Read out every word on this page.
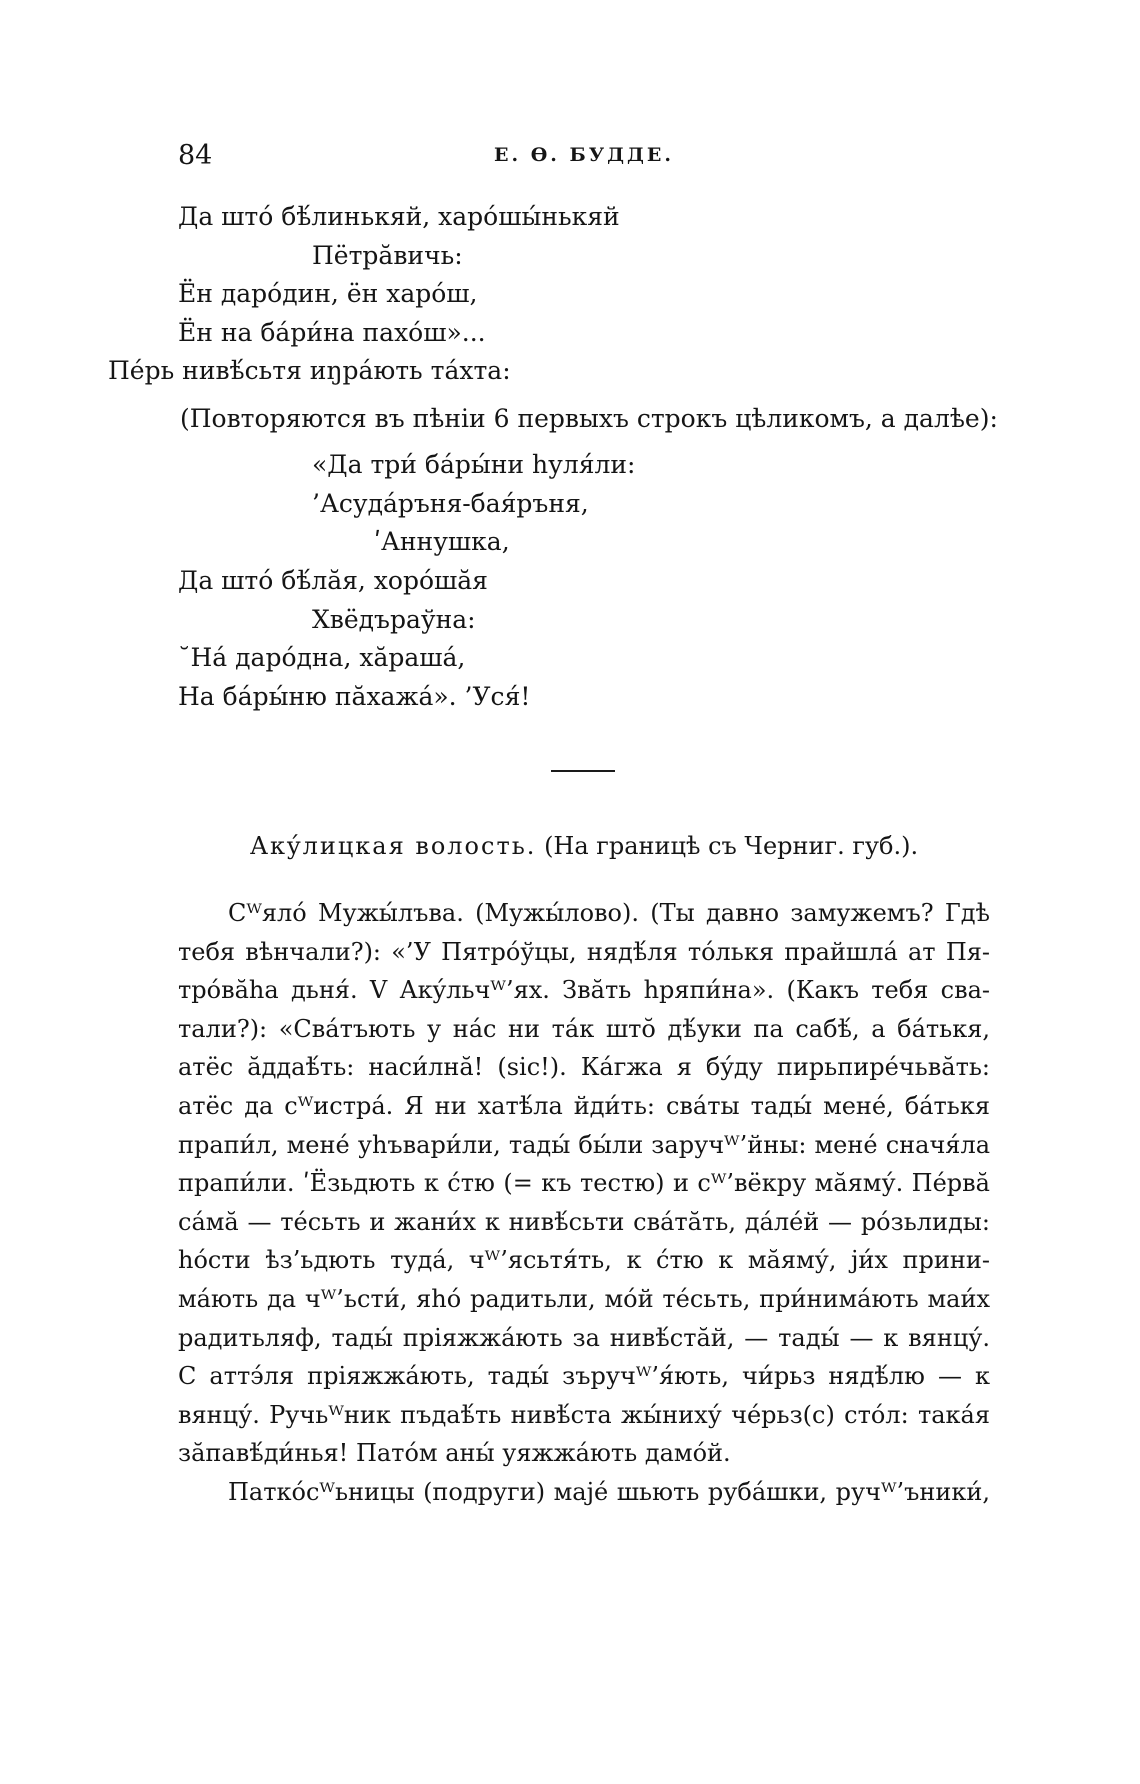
84	Е. Ѳ. БУДДЕ.
Да штó бѣ́линькяй, харóшы́нькяй
Пётрăвичь:
Ён дарóдин, ён харóш,
Ён на бáри́на пахóш»...
Пéрь нивѣ́сьтя иŋрáють тáхта:
(Повторяются въ пѣніи 6 первыхъ строкъ цѣликомъ, а далѣе):
«Да три́ бáры́ни һуля́ли:
’Асудáръня-бая́ръня,
ʹАннушка,
Да штó бѣ́лăя, хорóшăя
Хвёдъраўна:
˘Нá дарóдна, хăрашá,
На бáры́ню пăхажá». ’Уся́!
Акýлицкая волость. (На границѣ съ Черниг. губ.).
Сᵂялó Мужы́лъва. (Мужы́лово). (Ты давно замужемъ? Гдѣ
тебя вѣнчали?): «’У Пятрóўцы, нядѣ́ля тóлькя прайшлá ат Пя-
трóвăһа дьня́. V Акýльчᵂ’ях. Звăть һряпи́на». (Какъ тебя сва-
тали?): «Свáтъють у нáс ни тáк штŏ дѣ́уки па сабѣ́, а бáтькя,
атёс ăддаѣ́ть: наси́лнă! (sic!). Кáгжа я бýду пирьпирéчьвăть:
атёс да сᵂистрá. Я ни хатѣ́ла йди́ть: свáты тады́ менé, бáтькя
прапи́л, менé уһъвари́ли, тады́ бы́ли заручᵂ’йны: менé сначя́ла
прапи́ли. ʹЁзьдють к ćтю (= къ тестю) и сᵂ’вёкру мăяму́. Пéрвă
сáмă — тéсьть и жани́х к нивѣ́сьти свáтăть, дáле́й — рóзьлиды:
һóсти ѣз’ьдють тудá, чᵂ’ясьтя́ть, к ćтю к мăяму́, jи́х прини-
мáють да чᵂ’ьсти́, яһó радитьли, мóй тéсьть, при́нимáють маи́х
радитьляф, тады́ пріяжжáють за нивѣ́стăй, — тады́ — к вянцу́.
С аттэ́ля пріяжжáють, тады́ зъручᵂ’я́ють, чи́рьз нядѣ́лю — к
вянцу́. Ручьᵂник пъдаѣ́ть нивѣ́ста жы́ниху́ чéрьз(с) стóл: такáя
зăпавѣ́ди́нья! Патóм аны́ уяжжáють дамóй.
Паткóсᵂьницы (подруги) мајé шьють рубáшки, ручᵂ’ъники́,
